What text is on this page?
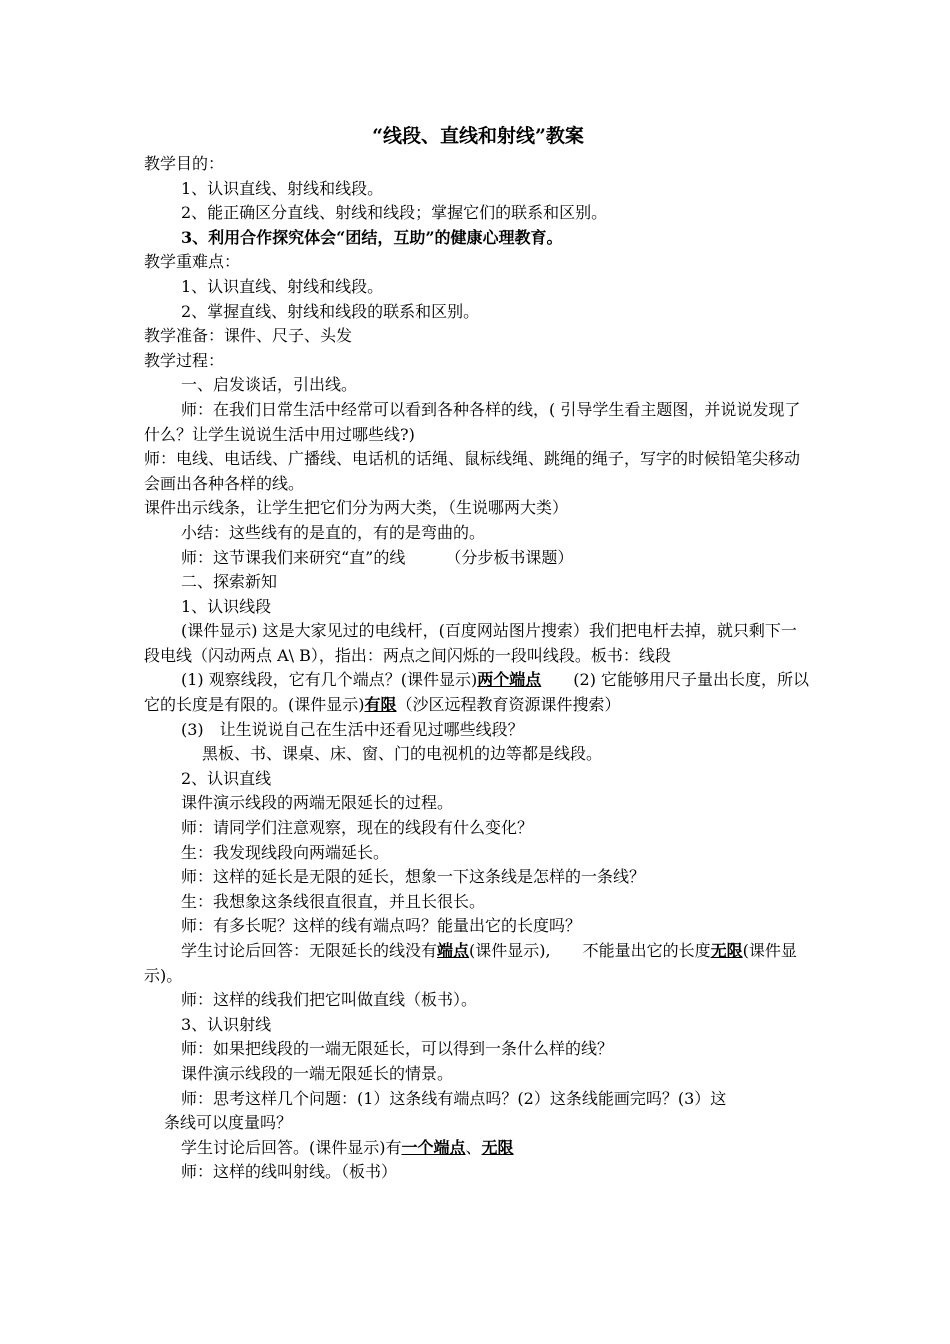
“线段、直线和射线”教案

教学目的：

1、认识直线、射线和线段。

2、能正确区分直线、射线和线段；掌握它们的联系和区别。

3、利用合作探究体会“团结，互助”的健康心理教育。

教学重难点：

1、认识直线、射线和线段。

2、掌握直线、射线和线段的联系和区别。

教学准备：课件、尺子、头发

教学过程：

一、启发谈话，引出线。

师：在我们日常生活中经常可以看到各种各样的线，( 引导学生看主题图，并说说发现了什么？让学生说说生活中用过哪些线?)

师：电线、电话线、广播线、电话机的话绳、鼠标线绳、跳绳的绳子，写字的时候铅笔尖移动会画出各种各样的线。

课件出示线条，让学生把它们分为两大类，（生说哪两大类）

小结：这些线有的是直的，有的是弯曲的。

师：这节课我们来研究“直”的线　　　（分步板书课题）

二、探索新知

1、认识线段

(课件显示) 这是大家见过的电线杆，(百度网站图片搜索）我们把电杆去掉，就只剩下一段电线（闪动两点 A\ B），指出：两点之间闪烁的一段叫线段。板书：线段

(1) 观察线段，它有几个端点？(课件显示)两个端点　　(2) 它能够用尺子量出长度，所以它的长度是有限的。(课件显示)有限（沙区远程教育资源课件搜索）

(3)　让生说说自己在生活中还看见过哪些线段？

黑板、书、课桌、床、窗、门的电视机的边等都是线段。

2、认识直线

课件演示线段的两端无限延长的过程。

师：请同学们注意观察，现在的线段有什么变化？

生：我发现线段向两端延长。

师：这样的延长是无限的延长，想象一下这条线是怎样的一条线？

生：我想象这条线很直很直，并且长很长。

师：有多长呢？这样的线有端点吗？能量出它的长度吗？

学生讨论后回答：无限延长的线没有端点(课件显示),　　不能量出它的长度无限(课件显示)。

师：这样的线我们把它叫做直线（板书）。

3、认识射线

师：如果把线段的一端无限延长，可以得到一条什么样的线？

课件演示线段的一端无限延长的情景。

师：思考这样几个问题：(1）这条线有端点吗？(2）这条线能画完吗？(3）这

条线可以度量吗？

学生讨论后回答。(课件显示)有一个端点、无限

师：这样的线叫射线。（板书）
